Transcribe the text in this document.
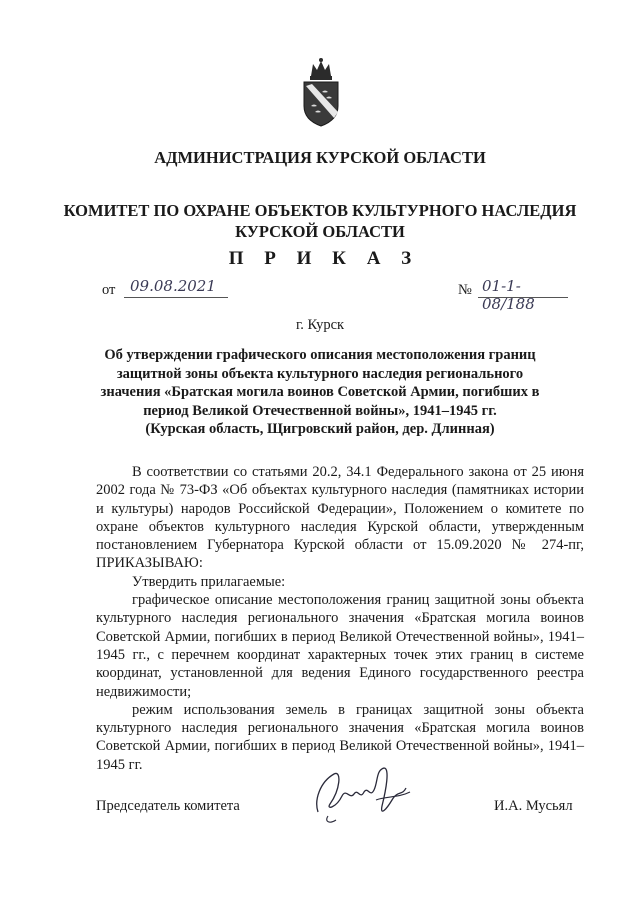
АДМИНИСТРАЦИЯ КУРСКОЙ ОБЛАСТИ
КОМИТЕТ ПО ОХРАНЕ ОБЪЕКТОВ КУЛЬТУРНОГО НАСЛЕДИЯ
КУРСКОЙ ОБЛАСТИ
П Р И К А З
от 09.08.2021	№ 01-1-08/188
г. Курск
Об утверждении графического описания местоположения границ
защитной зоны объекта культурного наследия регионального
значения «Братская могила воинов Советской Армии, погибших в
период Великой Отечественной войны», 1941–1945 гг.
(Курская область, Щигровский район, дер. Длинная)

В соответствии со статьями 20.2, 34.1 Федерального закона от 25 июня 2002 года № 73-ФЗ «Об объектах культурного наследия (памятниках истории и культуры) народов Российской Федерации», Положением о комитете по охране объектов культурного наследия Курской области, утвержденным постановлением Губернатора Курской области от 15.09.2020 № 274-пг, ПРИКАЗЫВАЮ:

Утвердить прилагаемые:

графическое описание местоположения границ защитной зоны объекта культурного наследия регионального значения «Братская могила воинов Советской Армии, погибших в период Великой Отечественной войны», 1941–1945 гг., с перечнем координат характерных точек этих границ в системе координат, установленной для ведения Единого государственного реестра недвижимости;

режим использования земель в границах защитной зоны объекта культурного наследия регионального значения «Братская могила воинов Советской Армии, погибших в период Великой Отечественной войны», 1941–1945 гг.

Председатель комитета	И.А. Мусьял
